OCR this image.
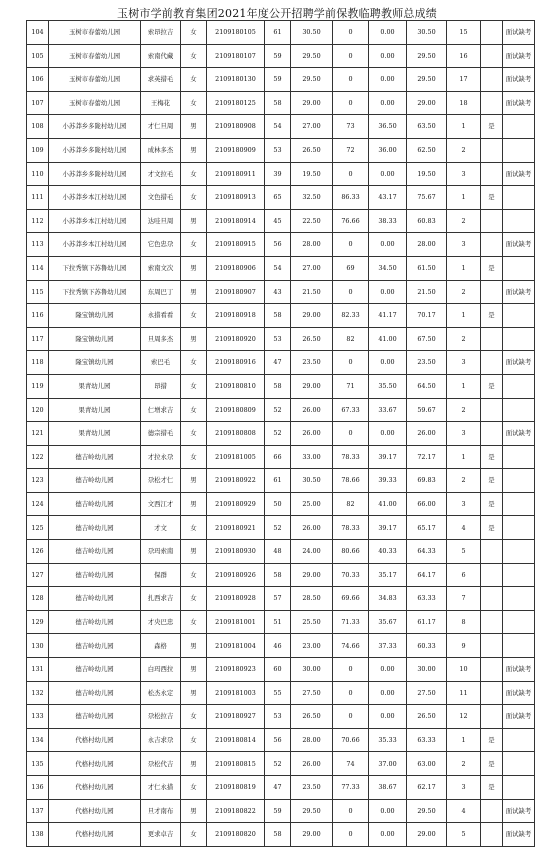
玉树市学前教育集团2021年度公开招聘学前保教临聘教师总成绩
104	玉树市春蕾幼儿园	索昂拉吉	女	2109180105	61	30.50	0	0.00	30.50	15		面试缺考
105	玉树市春蕾幼儿园	索南代藏	女	2109180107	59	29.50	0	0.00	29.50	16		面试缺考
106	玉树市春蕾幼儿园	求英措毛	女	2109180130	59	29.50	0	0.00	29.50	17		面试缺考
107	玉树市春蕾幼儿园	王梅花	女	2109180125	58	29.00	0	0.00	29.00	18		面试缺考
108	小苏莽乡多陇村幼儿园	才仁旦周	男	2109180908	54	27.00	73	36.50	63.50	1	是	
109	小苏莽乡多陇村幼儿园	成林多杰	男	2109180909	53	26.50	72	36.00	62.50	2		
110	小苏莽乡多陇村幼儿园	才文拉毛	女	2109180911	39	19.50	0	0.00	19.50	3		面试缺考
111	小苏莽乡本江村幼儿园	文色措毛	女	2109180913	65	32.50	86.33	43.17	75.67	1	是	
112	小苏莽乡本江村幼儿园	达哇旦周	男	2109180914	45	22.50	76.66	38.33	60.83	2		
113	小苏莽乡本江村幼儿园	它色忠尕	女	2109180915	56	28.00	0	0.00	28.00	3		面试缺考
114	下拉秀镇下苏鲁幼儿园	索南文次	男	2109180906	54	27.00	69	34.50	61.50	1	是	
115	下拉秀镇下苏鲁幼儿园	东周巴丁	男	2109180907	43	21.50	0	0.00	21.50	2		面试缺考
116	隆宝镇幼儿园	永措看看	女	2109180918	58	29.00	82.33	41.17	70.17	1	是	
117	隆宝镇幼儿园	旦周多杰	男	2109180920	53	26.50	82	41.00	67.50	2		
118	隆宝镇幼儿园	索巴毛	女	2109180916	47	23.50	0	0.00	23.50	3		面试缺考
119	果青幼儿园	昂措	女	2109180810	58	29.00	71	35.50	64.50	1	是	
120	果青幼儿园	仁增求吉	女	2109180809	52	26.00	67.33	33.67	59.67	2		
121	果青幼儿园	德宗措毛	女	2109180808	52	26.00	0	0.00	26.00	3		面试缺考
122	德吉岭幼儿园	才拉永尕	女	2109181005	66	33.00	78.33	39.17	72.17	1	是	
123	德吉岭幼儿园	尕松才仁	男	2109180922	61	30.50	78.66	39.33	69.83	2	是	
124	德吉岭幼儿园	文西江才	男	2109180929	50	25.00	82	41.00	66.00	3	是	
125	德吉岭幼儿园	才文	女	2109180921	52	26.00	78.33	39.17	65.17	4	是	
126	德吉岭幼儿园	尕玛索南	男	2109180930	48	24.00	80.66	40.33	64.33	5		
127	德吉岭幼儿园	保群	女	2109180926	58	29.00	70.33	35.17	64.17	6		
128	德吉岭幼儿园	扎西求吉	女	2109180928	57	28.50	69.66	34.83	63.33	7		
129	德吉岭幼儿园	才央巴忠	女	2109181001	51	25.50	71.33	35.67	61.17	8		
130	德吉岭幼儿园	森格	男	2109181004	46	23.00	74.66	37.33	60.33	9		
131	德吉岭幼儿园	白玛西拉	男	2109180923	60	30.00	0	0.00	30.00	10		面试缺考
132	德吉岭幼儿园	松杰永定	男	2109181003	55	27.50	0	0.00	27.50	11		面试缺考
133	德吉岭幼儿园	尕松拉吉	女	2109180927	53	26.50	0	0.00	26.50	12		面试缺考
134	代格村幼儿园	永吉求尕	女	2109180814	56	28.00	70.66	35.33	63.33	1	是	
135	代格村幼儿园	尕松代吉	男	2109180815	52	26.00	74	37.00	63.00	2	是	
136	代格村幼儿园	才仁永措	女	2109180819	47	23.50	77.33	38.67	62.17	3	是	
137	代格村幼儿园	旦才南布	男	2109180822	59	29.50	0	0.00	29.50	4		面试缺考
138	代格村幼儿园	更求卓吉	女	2109180820	58	29.00	0	0.00	29.00	5		面试缺考
